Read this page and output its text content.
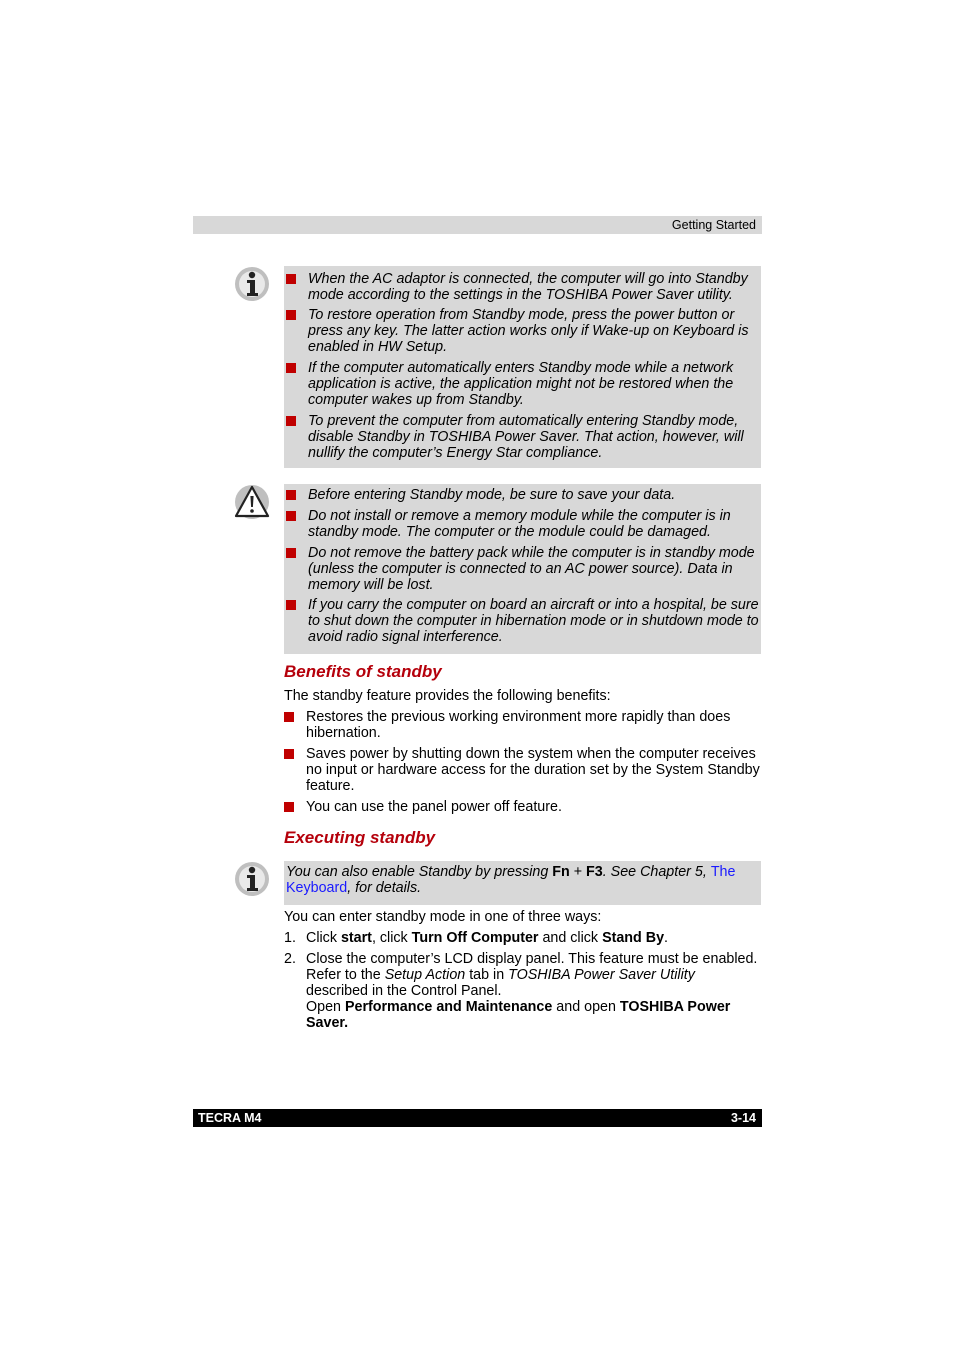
Getting Started
When the AC adaptor is connected, the computer will go into Standby mode according to the settings in the TOSHIBA Power Saver utility.
To restore operation from Standby mode, press the power button or press any key. The latter action works only if Wake-up on Keyboard is enabled in HW Setup.
If the computer automatically enters Standby mode while a network application is active, the application might not be restored when the computer wakes up from Standby.
To prevent the computer from automatically entering Standby mode, disable Standby in TOSHIBA Power Saver. That action, however, will nullify the computer’s Energy Star compliance.
Before entering Standby mode, be sure to save your data.
Do not install or remove a memory module while the computer is in standby mode. The computer or the module could be damaged.
Do not remove the battery pack while the computer is in standby mode (unless the computer is connected to an AC power source). Data in memory will be lost.
If you carry the computer on board an aircraft or into a hospital, be sure to shut down the computer in hibernation mode or in shutdown mode to avoid radio signal interference.
Benefits of standby
The standby feature provides the following benefits:
Restores the previous working environment more rapidly than does hibernation.
Saves power by shutting down the system when the computer receives no input or hardware access for the duration set by the System Standby feature.
You can use the panel power off feature.
Executing standby
You can also enable Standby by pressing Fn + F3. See Chapter 5, The
Keyboard, for details.
You can enter standby mode in one of three ways:
1. Click start, click Turn Off Computer and click Stand By.
2. Close the computer’s LCD display panel. This feature must be enabled.
Refer to the Setup Action tab in TOSHIBA Power Saver Utility
described in the Control Panel.
Open Performance and Maintenance and open TOSHIBA Power
Saver.
TECRA M4	3-14
